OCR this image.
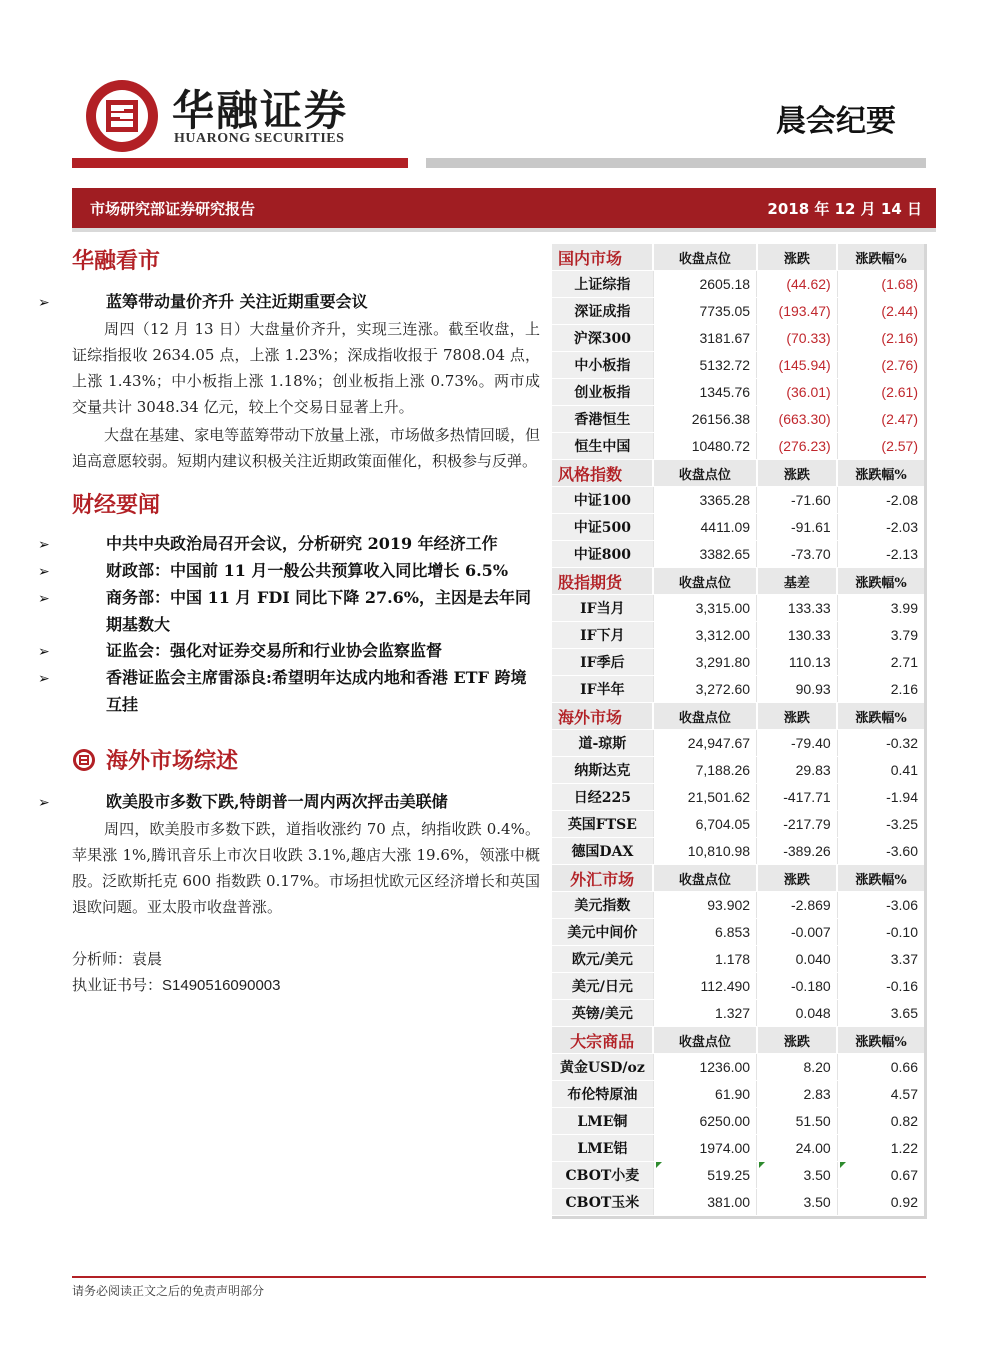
华融证券
HUARONG SECURITIES	晨会纪要
市场研究部证券研究报告	2018 年 12 月 14 日
华融看市
➢	蓝筹带动量价齐升 关注近期重要会议
周四（12 月 13 日）大盘量价齐升，实现三连涨。截至收盘，上证综指报收 2634.05 点，上涨 1.23%；深成指收报于 7808.04 点，上涨 1.43%；中小板指上涨 1.18%；创业板指上涨 0.73%。两市成交量共计 3048.34 亿元，较上个交易日显著上升。
大盘在基建、家电等蓝筹带动下放量上涨，市场做多热情回暖，但追高意愿较弱。短期内建议积极关注近期政策面催化，积极参与反弹。
财经要闻
➢	中共中央政治局召开会议，分析研究 2019 年经济工作
➢	财政部：中国前 11 月一般公共预算收入同比增长 6.5%
➢	商务部：中国 11 月 FDI 同比下降 27.6%，主因是去年同期基数大
➢	证监会：强化对证券交易所和行业协会监察监督
➢	香港证监会主席雷添良:希望明年达成内地和香港 ETF 跨境互挂
海外市场综述
➢	欧美股市多数下跌,特朗普一周内两次抨击美联储
周四，欧美股市多数下跌，道指收涨约 70 点，纳指收跌 0.4%。苹果涨 1%,腾讯音乐上市次日收跌 3.1%,趣店大涨 19.6%，领涨中概股。泛欧斯托克 600 指数跌 0.17%。市场担忧欧元区经济增长和英国退欧问题。亚太股市收盘普涨。
分析师：袁晨
执业证书号：S1490516090003
国内市场	收盘点位	涨跌	涨跌幅%
上证综指	2605.18	(44.62)	(1.68)
深证成指	7735.05	(193.47)	(2.44)
沪深300	3181.67	(70.33)	(2.16)
中小板指	5132.72	(145.94)	(2.76)
创业板指	1345.76	(36.01)	(2.61)
香港恒生	26156.38	(663.30)	(2.47)
恒生中国	10480.72	(276.23)	(2.57)
风格指数	收盘点位	涨跌	涨跌幅%
中证100	3365.28	-71.60	-2.08
中证500	4411.09	-91.61	-2.03
中证800	3382.65	-73.70	-2.13
股指期货	收盘点位	基差	涨跌幅%
IF当月	3,315.00	133.33	3.99
IF下月	3,312.00	130.33	3.79
IF季后	3,291.80	110.13	2.71
IF半年	3,272.60	90.93	2.16
海外市场	收盘点位	涨跌	涨跌幅%
道-琼斯	24,947.67	-79.40	-0.32
纳斯达克	7,188.26	29.83	0.41
日经225	21,501.62	-417.71	-1.94
英国FTSE	6,704.05	-217.79	-3.25
德国DAX	10,810.98	-389.26	-3.60
外汇市场	收盘点位	涨跌	涨跌幅%
美元指数	93.902	-2.869	-3.06
美元中间价	6.853	-0.007	-0.10
欧元/美元	1.178	0.040	3.37
美元/日元	112.490	-0.180	-0.16
英镑/美元	1.327	0.048	3.65
大宗商品	收盘点位	涨跌	涨跌幅%
黄金USD/oz	1236.00	8.20	0.66
布伦特原油	61.90	2.83	4.57
LME铜	6250.00	51.50	0.82
LME铝	1974.00	24.00	1.22
CBOT小麦	519.25	3.50	0.67
CBOT玉米	381.00	3.50	0.92
请务必阅读正文之后的免责声明部分
